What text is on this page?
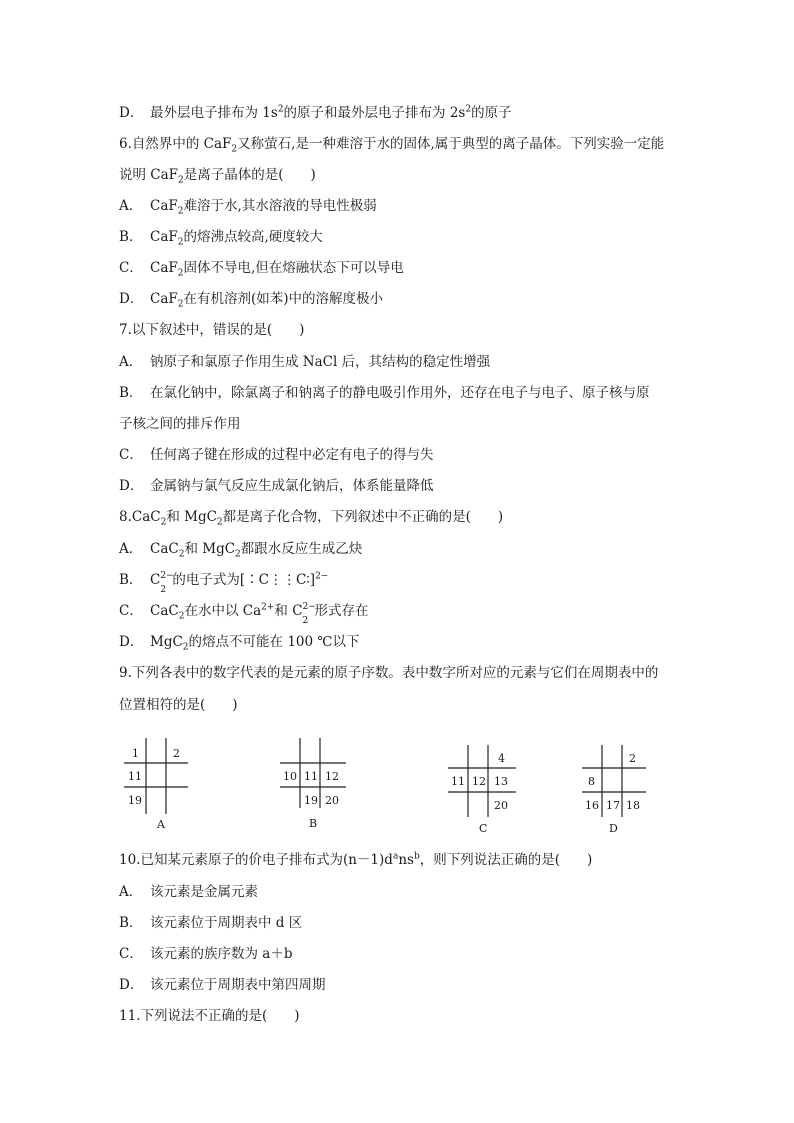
D． 最外层电子排布为 $1s^2$的原子和最外层电子排布为 $2s^2$的原子
6.自然界中的 CaF$_2$又称萤石,是一种难溶于水的固体,属于典型的离子晶体。下列实验一定能
说明 CaF$_2$是离子晶体的是(　　)
A． CaF$_2$难溶于水,其水溶液的导电性极弱
B． CaF$_2$的熔沸点较高,硬度较大
C． CaF$_2$固体不导电,但在熔融状态下可以导电
D． CaF$_2$在有机溶剂(如苯)中的溶解度极小
7.以下叙述中，错误的是(　　)
A． 钠原子和氯原子作用生成 NaCl 后，其结构的稳定性增强
B． 在氯化钠中，除氯离子和钠离子的静电吸引作用外，还存在电子与电子、原子核与原
子核之间的排斥作用
C． 任何离子键在形成的过程中必定有电子的得与失
D． 金属钠与氯气反应生成氯化钠后，体系能量降低
8.CaC$_2$和 MgC$_2$都是离子化合物，下列叙述中不正确的是(　　)
A． CaC$_2$和 MgC$_2$都跟水反应生成乙炔
B． C 2−
2
的电子式为[∶C⋮⋮C∶]$^{2-}$
C． CaC$_2$在水中以 $Ca^{2+}$和 C 2−
2
形式存在
D． MgC$_2$的熔点不可能在 100 ℃以下
9.下列各表中的数字代表的是元素的原子序数。表中数字所对应的元素与它们在周期表中的
位置相符的是(　　)
1	2
11
19
A
10 11 12
19 20
B
4
11 12 13
20
C
2
8
16 17 18
D
10.已知某元素原子的价电子排布式为$(n-1)d^ans^b$，则下列说法正确的是(　　)
A． 该元素是金属元素
B． 该元素位于周期表中 d 区
C． 该元素的族序数为 a＋b
D． 该元素位于周期表中第四周期
11.下列说法不正确的是(　　)
